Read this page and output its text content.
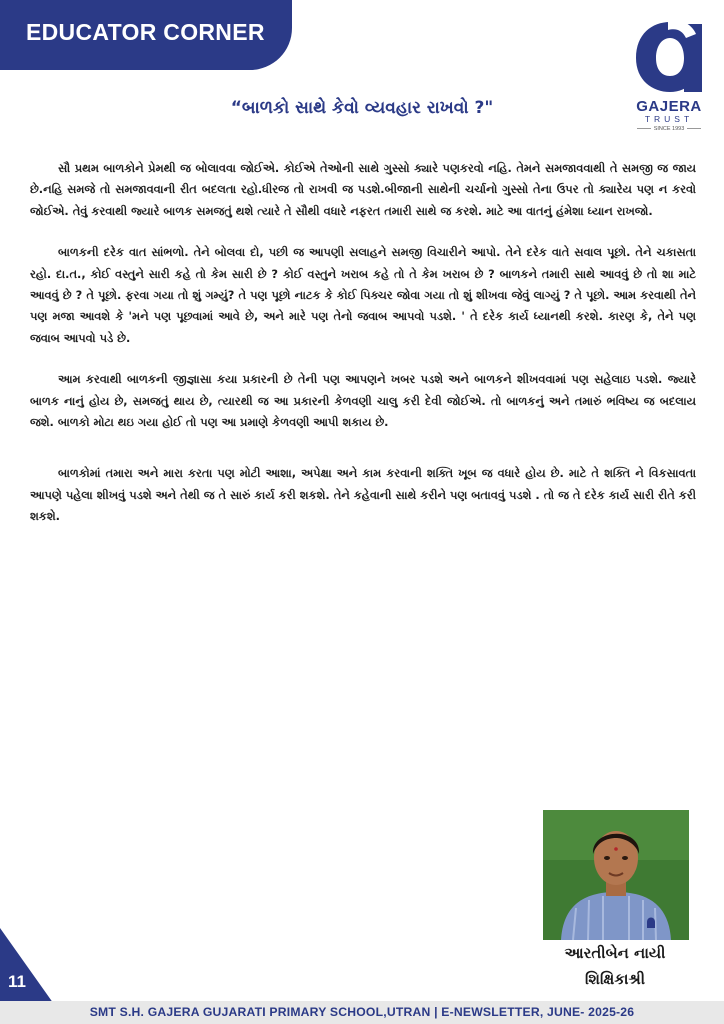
EDUCATOR CORNER
GAJERA
TRUST
SINCE 1993
“બાળકો સાથે કેવો વ્યવહાર રાખવો ?"

સૌ પ્રથમ બાળકોને પ્રેમથી જ બોલાવવા જોઈએ. કોઈએ તેઓની સાથે ગુસ્સો ક્યારે પણકરવો નહિ. તેમને સમજાવવાથી તે સમજી જ જાય છે.નહિ સમજે તો સમજાવવાની રીત બદલતા રહો.ધીરજ તો રાખવી જ પડશે.બીજાની સાથેની ચર્ચાનો ગુસ્સો તેના ઉપર તો ક્યારેય પણ ન કરવો જોઈએ. તેવું કરવાથી જ્યારે બાળક સમજતું થશે ત્યારે તે સૌથી વધારે નફરત તમારી સાથે જ કરશે. માટે આ વાતનું હંમેશા ધ્યાન રાખજો.

બાળકની દરેક વાત સાંભળો. તેને બોલવા દો, પછી જ આપણી સલાહને સમજી વિચારીને આપો. તેને દરેક વાતે સવાલ પૂછો. તેને ચકાસતા રહો. દા.ત., કોઈ વસ્તુને સારી કહે તો કેમ સારી છે ? કોઈ વસ્તુને ખરાબ કહે તો તે કેમ ખરાબ છે ? બાળકને તમારી સાથે આવવું છે તો શા માટે આવવું છે ? તે પૂછો. ફરવા ગયા તો શું ગમ્યું? તે પણ પૂછો નાટક કે કોઈ પિક્ચર જોવા ગયા તો શું શીખવા જેવું લાગ્યું ? તે પૂછો. આમ કરવાથી તેને પણ મજા આવશે કે 'મને પણ પૂછવામાં આવે છે, અને મારે પણ તેનો જવાબ આપવો પડશે. ' તે દરેક કાર્ય ધ્યાનથી કરશે. કારણ કે, તેને પણ જવાબ આપવો પડે છે.

આમ કરવાથી બાળકની જીજ્ઞાસા કયા પ્રકારની છે તેની પણ આપણને ખબર પડશે અને બાળકને શીખવવામાં પણ સહેલાઇ પડશે. જ્યારે બાળક નાનું હોય છે, સમજતું થાય છે, ત્યારથી જ આ પ્રકારની કેળવણી ચાલુ કરી દેવી જોઈએ. તો બાળકનું અને તમારું ભવિષ્ય જ બદલાય જશે. બાળકો મોટા થઇ ગયા હોઈ તો પણ આ પ્રમાણે કેળવણી આપી શકાય છે.

બાળકોમાં તમારા અને મારા કરતા પણ મોટી આશા, અપેક્ષા અને કામ કરવાની શક્તિ ખૂબ જ વધારે હોય છે. માટે તે શક્તિ ને વિકસાવતા આપણે પહેલા શીખવું પડશે અને તેથી જ તે સારું કાર્ય કરી શકશે. તેને કહેવાની સાથે કરીને પણ બતાવવું પડશે . તો જ તે દરેક કાર્ય સારી રીતે કરી શકશે.

આરતીબેન નાયી
શિક્ષિકાશ્રી
11
SMT S.H. GAJERA GUJARATI PRIMARY SCHOOL,UTRAN | E-NEWSLETTER, JUNE- 2025-26
